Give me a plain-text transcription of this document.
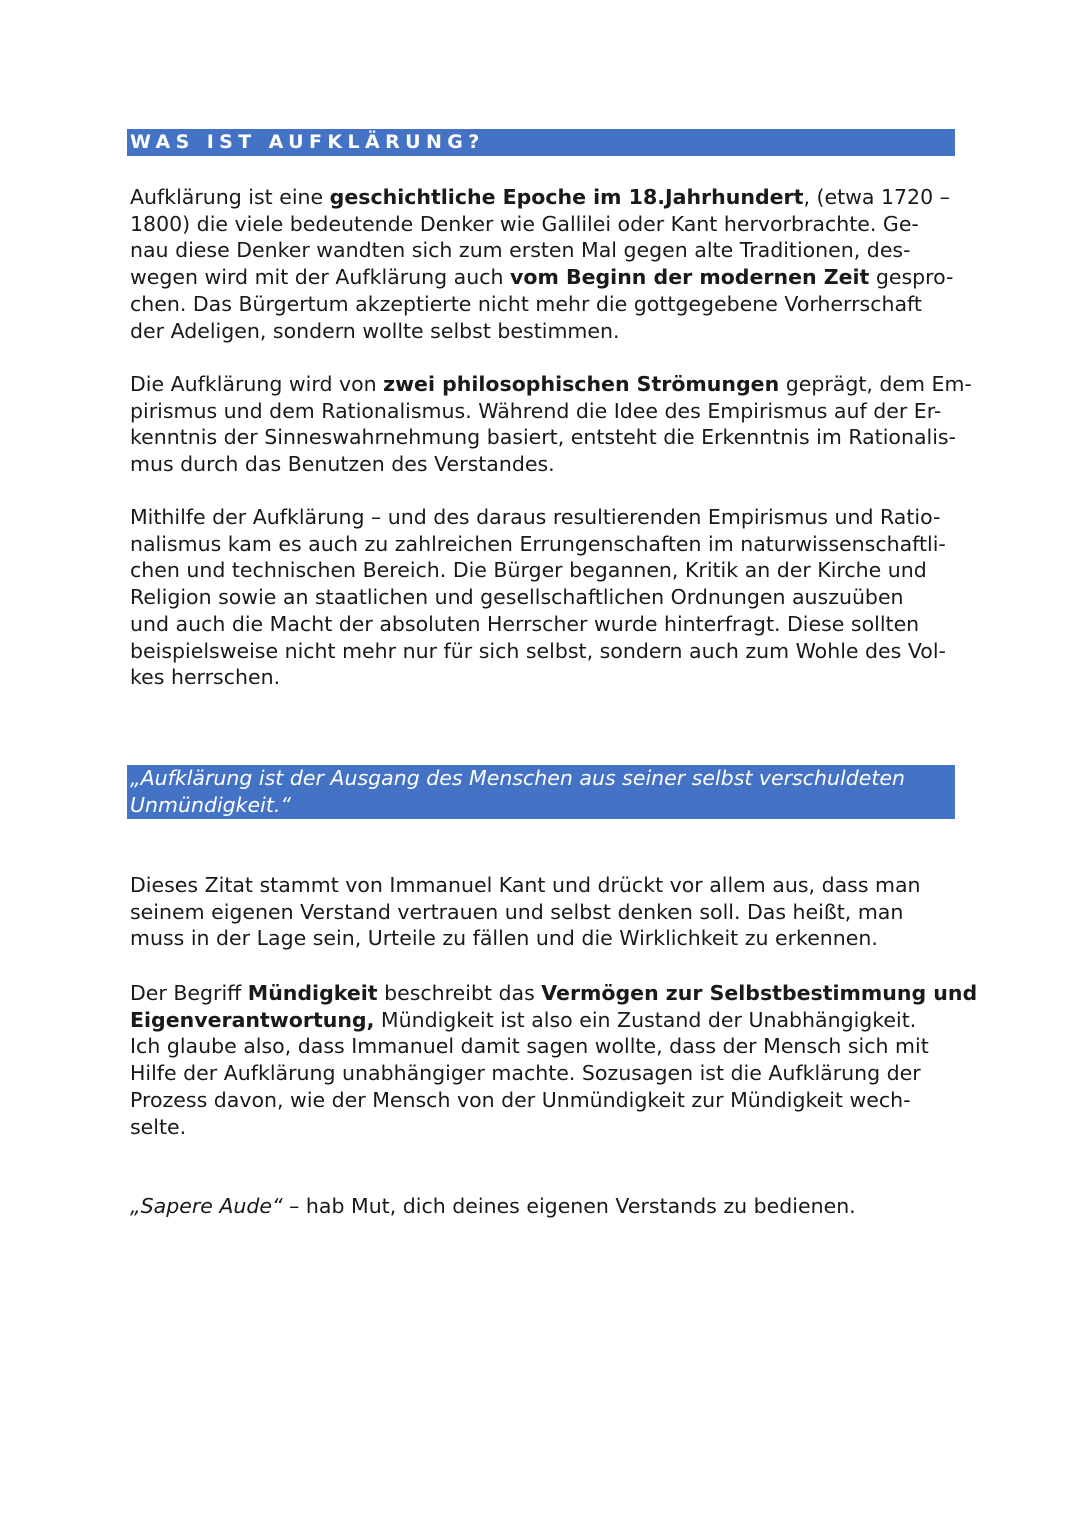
WAS IST AUFKLÄRUNG?
Aufklärung ist eine geschichtliche Epoche im 18.Jahrhundert, (etwa 1720 –
1800) die viele bedeutende Denker wie Gallilei oder Kant hervorbrachte. Ge-
nau diese Denker wandten sich zum ersten Mal gegen alte Traditionen, des-
wegen wird mit der Aufklärung auch vom Beginn der modernen Zeit gespro-
chen. Das Bürgertum akzeptierte nicht mehr die gottgegebene Vorherrschaft
der Adeligen, sondern wollte selbst bestimmen.
Die Aufklärung wird von zwei philosophischen Strömungen geprägt, dem Em-
pirismus und dem Rationalismus. Während die Idee des Empirismus auf der Er-
kenntnis der Sinneswahrnehmung basiert, entsteht die Erkenntnis im Rationalis-
mus durch das Benutzen des Verstandes.
Mithilfe der Aufklärung – und des daraus resultierenden Empirismus und Ratio-
nalismus kam es auch zu zahlreichen Errungenschaften im naturwissenschaftli-
chen und technischen Bereich. Die Bürger begannen, Kritik an der Kirche und
Religion sowie an staatlichen und gesellschaftlichen Ordnungen auszuüben
und auch die Macht der absoluten Herrscher wurde hinterfragt. Diese sollten
beispielsweise nicht mehr nur für sich selbst, sondern auch zum Wohle des Vol-
kes herrschen.
„Aufklärung ist der Ausgang des Menschen aus seiner selbst verschuldeten
Unmündigkeit.“
Dieses Zitat stammt von Immanuel Kant und drückt vor allem aus, dass man
seinem eigenen Verstand vertrauen und selbst denken soll. Das heißt, man
muss in der Lage sein, Urteile zu fällen und die Wirklichkeit zu erkennen.
Der Begriff Mündigkeit beschreibt das Vermögen zur Selbstbestimmung und
Eigenverantwortung, Mündigkeit ist also ein Zustand der Unabhängigkeit.
Ich glaube also, dass Immanuel damit sagen wollte, dass der Mensch sich mit
Hilfe der Aufklärung unabhängiger machte. Sozusagen ist die Aufklärung der
Prozess davon, wie der Mensch von der Unmündigkeit zur Mündigkeit wech-
selte.
„Sapere Aude“ – hab Mut, dich deines eigenen Verstands zu bedienen.
